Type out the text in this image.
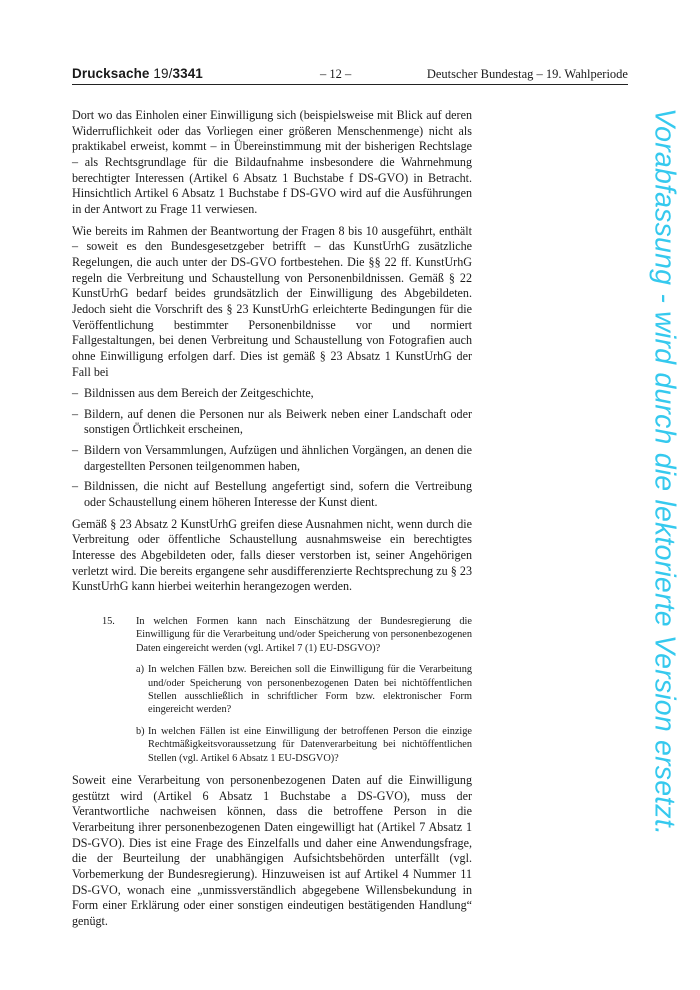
Drucksache 19/3341	– 12 –	Deutscher Bundestag – 19. Wahlperiode

Dort wo das Einholen einer Einwilligung sich (beispielsweise mit Blick auf deren Widerruflichkeit oder das Vorliegen einer größeren Menschenmenge) nicht als praktikabel erweist, kommt – in Übereinstimmung mit der bisherigen Rechtslage – als Rechtsgrundlage für die Bildaufnahme insbesondere die Wahrnehmung berechtigter Interessen (Artikel 6 Absatz 1 Buchstabe f DS-GVO) in Betracht. Hinsichtlich Artikel 6 Absatz 1 Buchstabe f DS-GVO wird auf die Ausführungen in der Antwort zu Frage 11 verwiesen.

Wie bereits im Rahmen der Beantwortung der Fragen 8 bis 10 ausgeführt, enthält – soweit es den Bundesgesetzgeber betrifft – das KunstUrhG zusätzliche Regelungen, die auch unter der DS-GVO fortbestehen. Die §§ 22 ff. KunstUrhG regeln die Verbreitung und Schaustellung von Personenbildnissen. Gemäß § 22 KunstUrhG bedarf beides grundsätzlich der Einwilligung des Abgebildeten. Jedoch sieht die Vorschrift des § 23 KunstUrhG erleichterte Bedingungen für die Veröffentlichung bestimmter Personenbildnisse vor und normiert Fallgestaltungen, bei denen Verbreitung und Schaustellung von Fotografien auch ohne Einwilligung erfolgen darf. Dies ist gemäß § 23 Absatz 1 KunstUrhG der Fall bei

– Bildnissen aus dem Bereich der Zeitgeschichte,
– Bildern, auf denen die Personen nur als Beiwerk neben einer Landschaft oder sonstigen Örtlichkeit erscheinen,
– Bildern von Versammlungen, Aufzügen und ähnlichen Vorgängen, an denen die dargestellten Personen teilgenommen haben,
– Bildnissen, die nicht auf Bestellung angefertigt sind, sofern die Vertreibung oder Schaustellung einem höheren Interesse der Kunst dient.

Gemäß § 23 Absatz 2 KunstUrhG greifen diese Ausnahmen nicht, wenn durch die Verbreitung oder öffentliche Schaustellung ausnahmsweise ein berechtigtes Interesse des Abgebildeten oder, falls dieser verstorben ist, seiner Angehörigen verletzt wird. Die bereits ergangene sehr ausdifferenzierte Rechtsprechung zu § 23 KunstUrhG kann hierbei weiterhin herangezogen werden.

15. In welchen Formen kann nach Einschätzung der Bundesregierung die Einwilligung für die Verarbeitung und/oder Speicherung von personenbezogenen Daten eingereicht werden (vgl. Artikel 7 (1) EU-DSGVO)?
a) In welchen Fällen bzw. Bereichen soll die Einwilligung für die Verarbeitung und/oder Speicherung von personenbezogenen Daten bei nichtöffentlichen Stellen ausschließlich in schriftlicher Form bzw. elektronischer Form eingereicht werden?
b) In welchen Fällen ist eine Einwilligung der betroffenen Person die einzige Rechtmäßigkeitsvoraussetzung für Datenverarbeitung bei nichtöffentlichen Stellen (vgl. Artikel 6 Absatz 1 EU-DSGVO)?

Soweit eine Verarbeitung von personenbezogenen Daten auf die Einwilligung gestützt wird (Artikel 6 Absatz 1 Buchstabe a DS-GVO), muss der Verantwortliche nachweisen können, dass die betroffene Person in die Verarbeitung ihrer personenbezogenen Daten eingewilligt hat (Artikel 7 Absatz 1 DS-GVO). Dies ist eine Frage des Einzelfalls und daher eine Anwendungsfrage, die der Beurteilung der unabhängigen Aufsichtsbehörden unterfällt (vgl. Vorbemerkung der Bundesregierung). Hinzuweisen ist auf Artikel 4 Nummer 11 DS-GVO, wonach eine „unmissverständlich abgegebene Willensbekundung in Form einer Erklärung oder einer sonstigen eindeutigen bestätigenden Handlung“ genügt.

Vorabfassung - wird durch die lektorierte Version ersetzt.
